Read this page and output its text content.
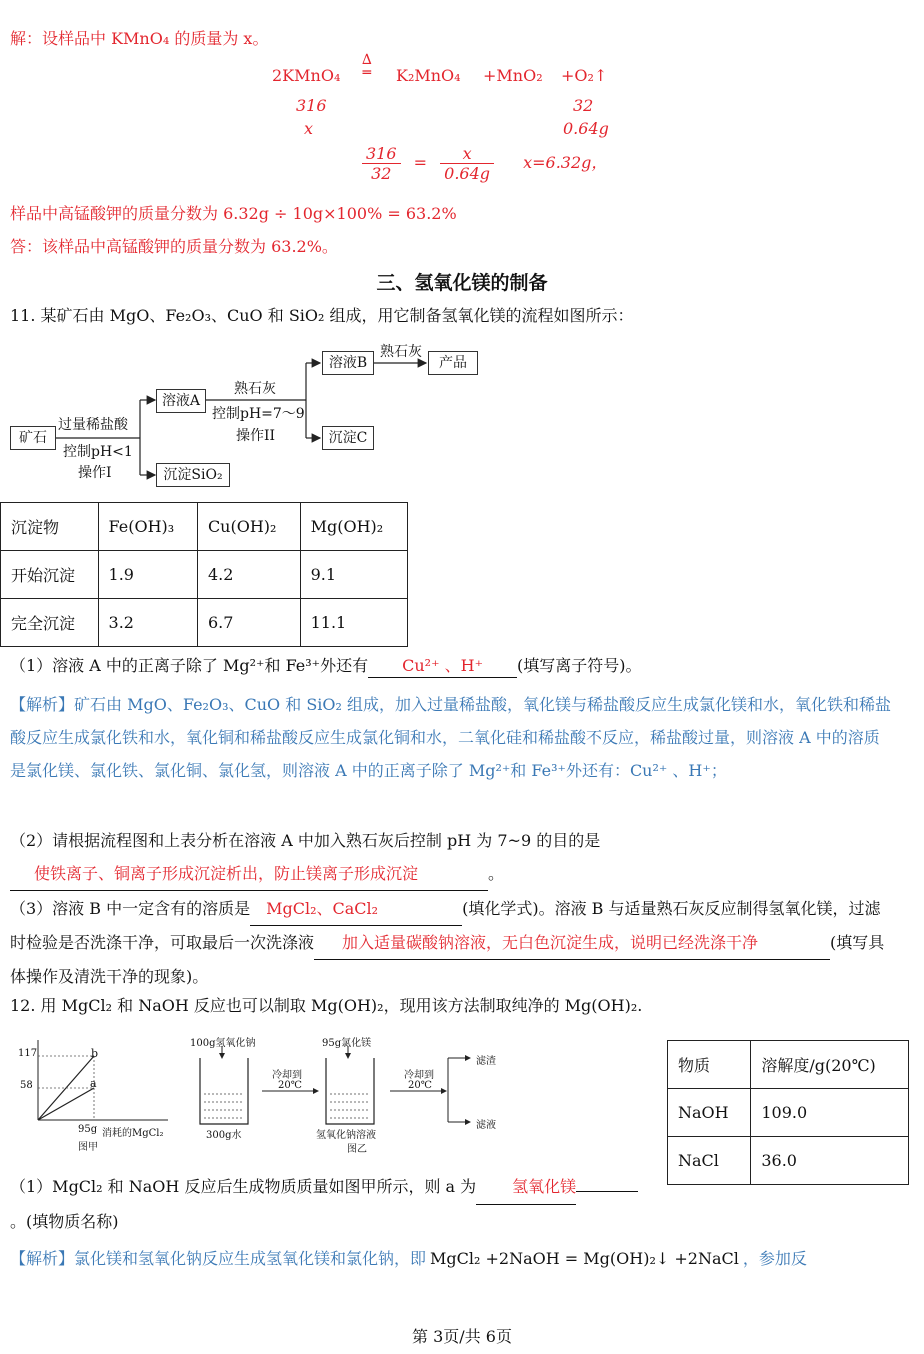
解：设样品中 KMnO₄ 的质量为 x。
2KMnO₄
∆
═ K₂MnO₄ +MnO₂ +O₂↑
316
x
32
0.64g
$\frac{316}{32} = \frac{x}{0.64g} x=6.32g$，
样品中高锰酸钾的质量分数为 6.32g ÷ 10g×100% = 63.2%
答：该样品中高锰酸钾的质量分数为 63.2%。
三、氢氧化镁的制备
11. 某矿石由 MgO、Fe₂O₃、CuO 和 SiO₂ 组成，用它制备氢氧化镁的流程如图所示：
矿石
过量稀盐酸
控制pH<1
操作I
溶液A
沉淀SiO₂
熟石灰
控制pH=7～9
操作II
溶液B
沉淀C
熟石灰
产品
沉淀物	Fe(OH)₃	Cu(OH)₂	Mg(OH)₂
开始沉淀	1.9	4.2	9.1
完全沉淀	3.2	6.7	11.1
（1）溶液 A 中的正离子除了 Mg²⁺和 Fe³⁺外还有 Cu²⁺ 、H⁺ (填写离子符号)。
【解析】矿石由 MgO、Fe₂O₃、CuO 和 SiO₂ 组成，加入过量稀盐酸，氧化镁与稀盐酸反应生成氯化镁和水，氧化铁和稀盐酸反应生成氯化铁和水，氧化铜和稀盐酸反应生成氯化铜和水，二氧化硅和稀盐酸不反应，稀盐酸过量，则溶液 A 中的溶质是氯化镁、氯化铁、氯化铜、氯化氢，则溶液 A 中的正离子除了 Mg²⁺和 Fe³⁺外还有：Cu²⁺ 、H⁺；
（2）请根据流程图和上表分析在溶液 A 中加入熟石灰后控制 pH 为 7~9 的目的是使铁离子、铜离子形成沉淀析出，防止镁离子形成沉淀	。
（3）溶液 B 中一定含有的溶质是 MgCl₂、CaCl₂	(填化学式)。溶液 B 与适量熟石灰反应制得氢氧化镁，过滤时检验是否洗涤干净，可取最后一次洗涤液 加入适量碳酸钠溶液，无白色沉淀生成，说明已经洗涤干净	(填写具体操作及清洗干净的现象)。
12. 用 MgCl₂ 和 NaOH 反应也可以制取 Mg(OH)₂，现用该方法制取纯净的 Mg(OH)₂.
117
58
b
a
95g 消耗的MgCl₂
图甲
100g氢氧化钠
300g水
冷却到
20℃
95g氯化镁
氢氧化钠溶液
冷却到
20℃
滤渣
滤液
图乙
物质	溶解度/g(20℃)
NaOH	109.0
NaCl	36.0
（1）MgCl₂ 和 NaOH 反应后生成物质质量如图甲所示，则 a 为 氢氧化镁。(填物质名称)
【解析】氯化镁和氢氧化钠反应生成氢氧化镁和氯化钠，即 MgCl₂ +2NaOH = Mg(OH)₂↓ +2NaCl ，参加反
第 3页/共 6页
